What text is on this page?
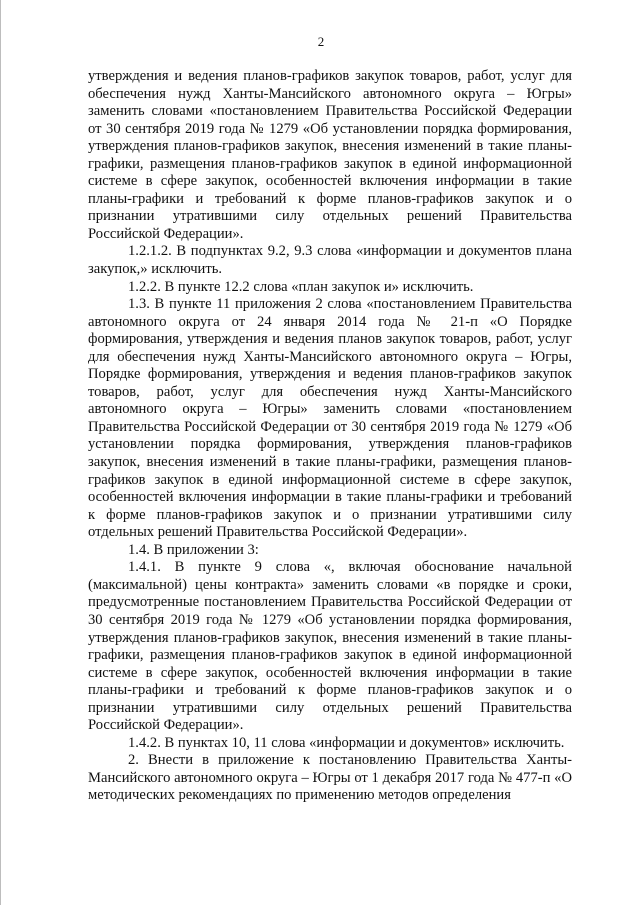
2

утверждения и ведения планов-графиков закупок товаров, работ, услуг для обеспечения нужд Ханты-Мансийского автономного округа – Югры» заменить словами «постановлением Правительства Российской Федерации от 30 сентября 2019 года № 1279 «Об установлении порядка формирования, утверждения планов-графиков закупок, внесения изменений в такие планы-графики, размещения планов-графиков закупок в единой информационной системе в сфере закупок, особенностей включения информации в такие планы-графики и требований к форме планов-графиков закупок и о признании утратившими силу отдельных решений Правительства Российской Федерации».

1.2.1.2. В подпунктах 9.2, 9.3 слова «информации и документов плана закупок,» исключить.

1.2.2. В пункте 12.2 слова «план закупок и» исключить.

1.3. В пункте 11 приложения 2 слова «постановлением Правительства автономного округа от 24 января 2014 года № 21-п «О Порядке формирования, утверждения и ведения планов закупок товаров, работ, услуг для обеспечения нужд Ханты-Мансийского автономного округа – Югры, Порядке формирования, утверждения и ведения планов-графиков закупок товаров, работ, услуг для обеспечения нужд Ханты-Мансийского автономного округа – Югры» заменить словами «постановлением Правительства Российской Федерации от 30 сентября 2019 года № 1279 «Об установлении порядка формирования, утверждения планов-графиков закупок, внесения изменений в такие планы-графики, размещения планов-графиков закупок в единой информационной системе в сфере закупок, особенностей включения информации в такие планы-графики и требований к форме планов-графиков закупок и о признании утратившими силу отдельных решений Правительства Российской Федерации».

1.4. В приложении 3:

1.4.1. В пункте 9 слова «, включая обоснование начальной (максимальной) цены контракта» заменить словами «в порядке и сроки, предусмотренные постановлением Правительства Российской Федерации от 30 сентября 2019 года № 1279 «Об установлении порядка формирования, утверждения планов-графиков закупок, внесения изменений в такие планы-графики, размещения планов-графиков закупок в единой информационной системе в сфере закупок, особенностей включения информации в такие планы-графики и требований к форме планов-графиков закупок и о признании утратившими силу отдельных решений Правительства Российской Федерации».

1.4.2. В пунктах 10, 11 слова «информации и документов» исключить.

2. Внести в приложение к постановлению Правительства Ханты-Мансийского автономного округа – Югры от 1 декабря 2017 года № 477-п «О методических рекомендациях по применению методов определения
